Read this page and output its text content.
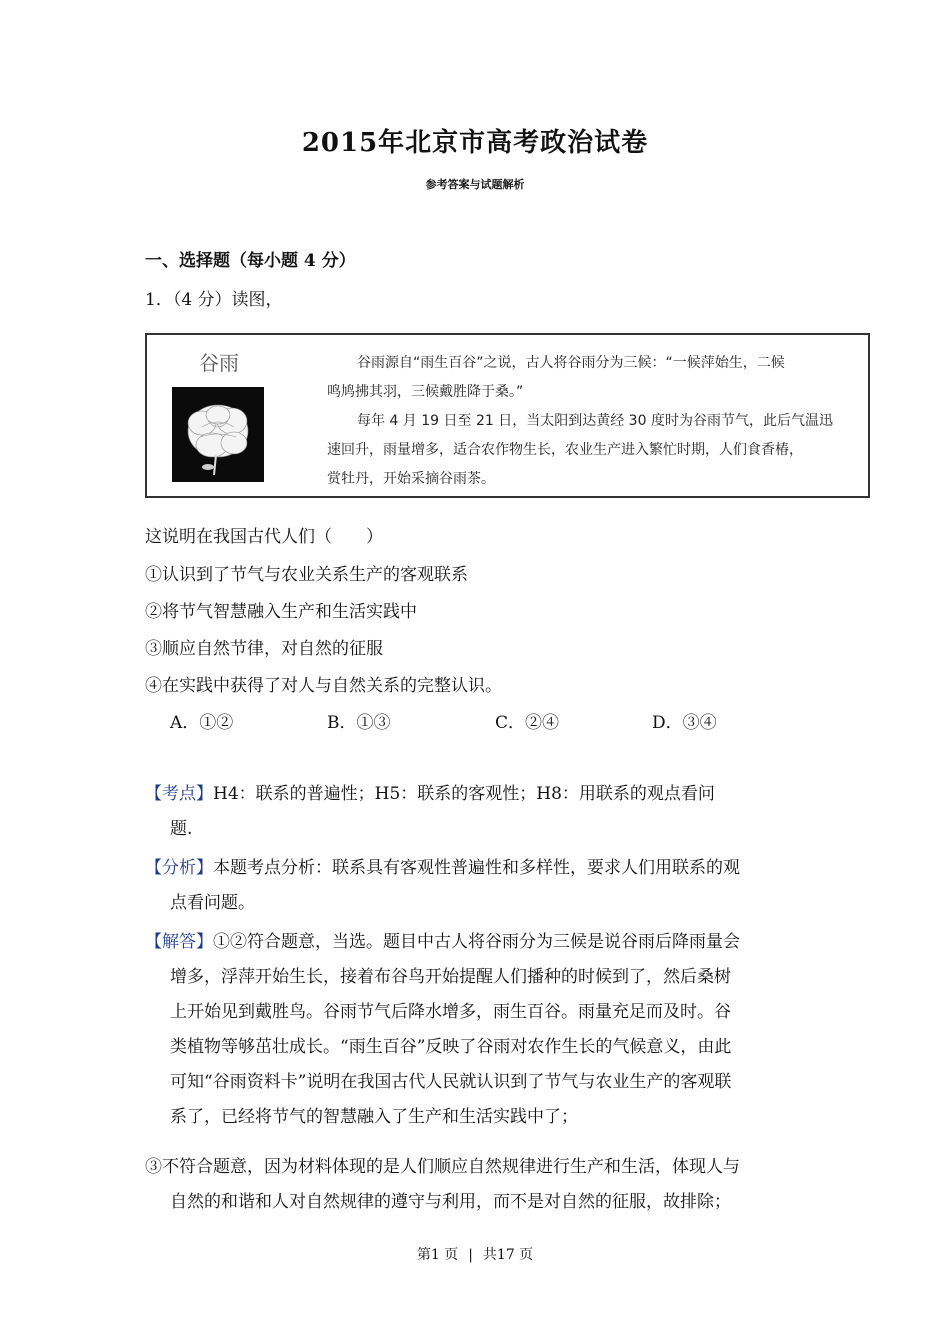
2015年北京市高考政治试卷
参考答案与试题解析
一、选择题（每小题 4 分）
1．（4 分）读图，
谷雨	谷雨源自“雨生百谷”之说，古人将谷雨分为三候：“一候萍始生，二候
鸣鸠拂其羽，三候戴胜降于桑。”
每年 4 月 19 日至 21 日，当太阳到达黄经 30 度时为谷雨节气，此后气温迅
速回升，雨量增多，适合农作物生长，农业生产进入繁忙时期，人们食香椿，
赏牡丹，开始采摘谷雨茶。
这说明在我国古代人们（　　）
①认识到了节气与农业关系生产的客观联系
②将节气智慧融入生产和生活实践中
③顺应自然节律，对自然的征服
④在实践中获得了对人与自然关系的完整认识。
A．①②	B．①③	C．②④	D．③④
【考点】H4：联系的普遍性；H5：联系的客观性；H8：用联系的观点看问
题.
【分析】本题考点分析：联系具有客观性普遍性和多样性，要求人们用联系的观
点看问题。
【解答】①②符合题意，当选。题目中古人将谷雨分为三候是说谷雨后降雨量会
增多，浮萍开始生长，接着布谷鸟开始提醒人们播种的时候到了，然后桑树
上开始见到戴胜鸟。谷雨节气后降水增多，雨生百谷。雨量充足而及时。谷
类植物等够茁壮成长。“雨生百谷”反映了谷雨对农作生长的气候意义，由此
可知“谷雨资料卡”说明在我国古代人民就认识到了节气与农业生产的客观联
系了，已经将节气的智慧融入了生产和生活实践中了；
③不符合题意，因为材料体现的是人们顺应自然规律进行生产和生活，体现人与
自然的和谐和人对自然规律的遵守与利用，而不是对自然的征服，故排除；
第1 页 | 共17 页
